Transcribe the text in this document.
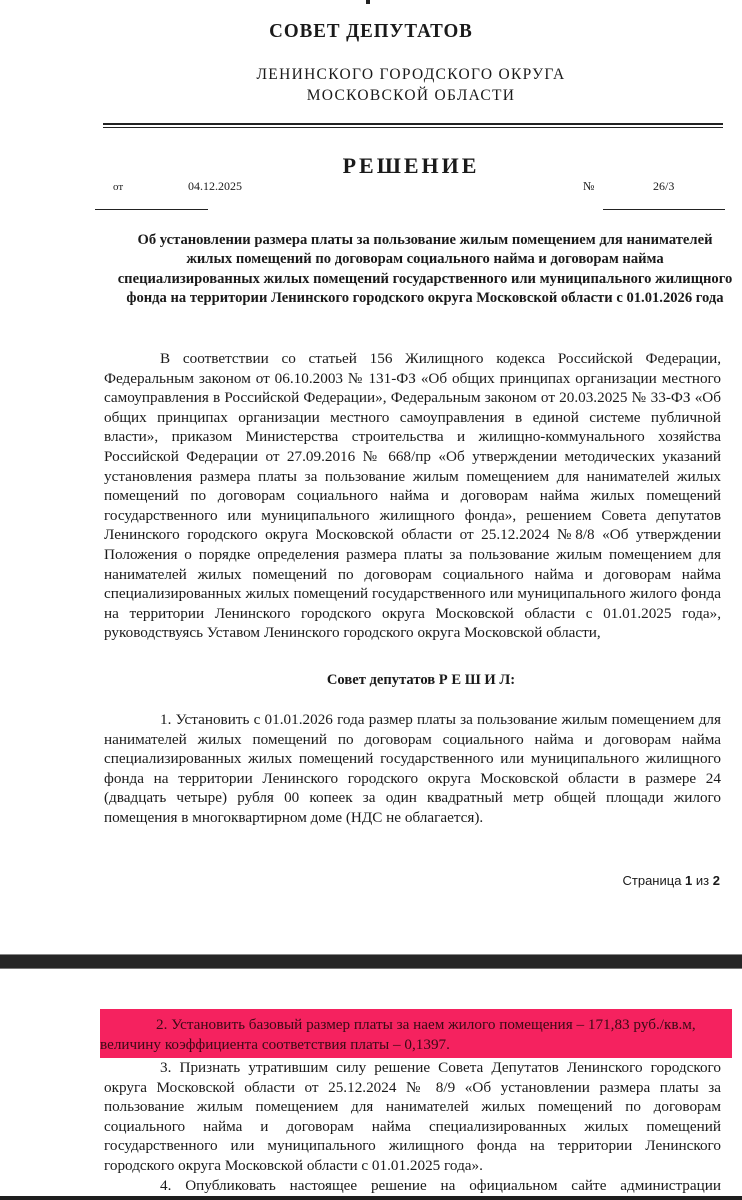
СОВЕТ ДЕПУТАТОВ
ЛЕНИНСКОГО ГОРОДСКОГО ОКРУГА
МОСКОВСКОЙ ОБЛАСТИ
РЕШЕНИЕ
от	04.12.2025	№	26/3
Об установлении размера платы за пользование жилым помещением для нанимателей жилых помещений по договорам социального найма и договорам найма специализированных жилых помещений государственного или муниципального жилищного фонда на территории Ленинского городского округа Московской области с 01.01.2026 года
В соответствии со статьей 156 Жилищного кодекса Российской Федерации, Федеральным законом от 06.10.2003 № 131-ФЗ «Об общих принципах организации местного самоуправления в Российской Федерации», Федеральным законом от 20.03.2025 № 33-ФЗ «Об общих принципах организации местного самоуправления в единой системе публичной власти», приказом Министерства строительства и жилищно-коммунального хозяйства Российской Федерации от 27.09.2016 № 668/пр «Об утверждении методических указаний установления размера платы за пользование жилым помещением для нанимателей жилых помещений по договорам социального найма и договорам найма жилых помещений государственного или муниципального жилищного фонда», решением Совета депутатов Ленинского городского округа Московской области от 25.12.2024 №8/8 «Об утверждении Положения о порядке определения размера платы за пользование жилым помещением для нанимателей жилых помещений по договорам социального найма и договорам найма специализированных жилых помещений государственного или муниципального жилого фонда на территории Ленинского городского округа Московской области с 01.01.2025 года», руководствуясь Уставом Ленинского городского округа Московской области,
Совет депутатов Р Е Ш И Л:
1. Установить с 01.01.2026 года размер платы за пользование жилым помещением для нанимателей жилых помещений по договорам социального найма и договорам найма специализированных жилых помещений государственного или муниципального жилищного фонда на территории Ленинского городского округа Московской области в размере 24 (двадцать четыре) рубля 00 копеек за один квадратный метр общей площади жилого помещения в многоквартирном доме (НДС не облагается).
Страница 1 из 2
2. Установить базовый размер платы за наем жилого помещения – 171,83 руб./кв.м,
величину коэффициента соответствия платы – 0,1397.
3. Признать утратившим силу решение Совета Депутатов Ленинского городского округа Московской области от 25.12.2024 № 8/9 «Об установлении размера платы за пользование жилым помещением для нанимателей жилых помещений по договорам социального найма и договорам найма специализированных жилых помещений государственного или муниципального жилищного фонда на территории Ленинского городского округа Московской области с 01.01.2025 года».
4. Опубликовать настоящее решение на официальном сайте администрации
